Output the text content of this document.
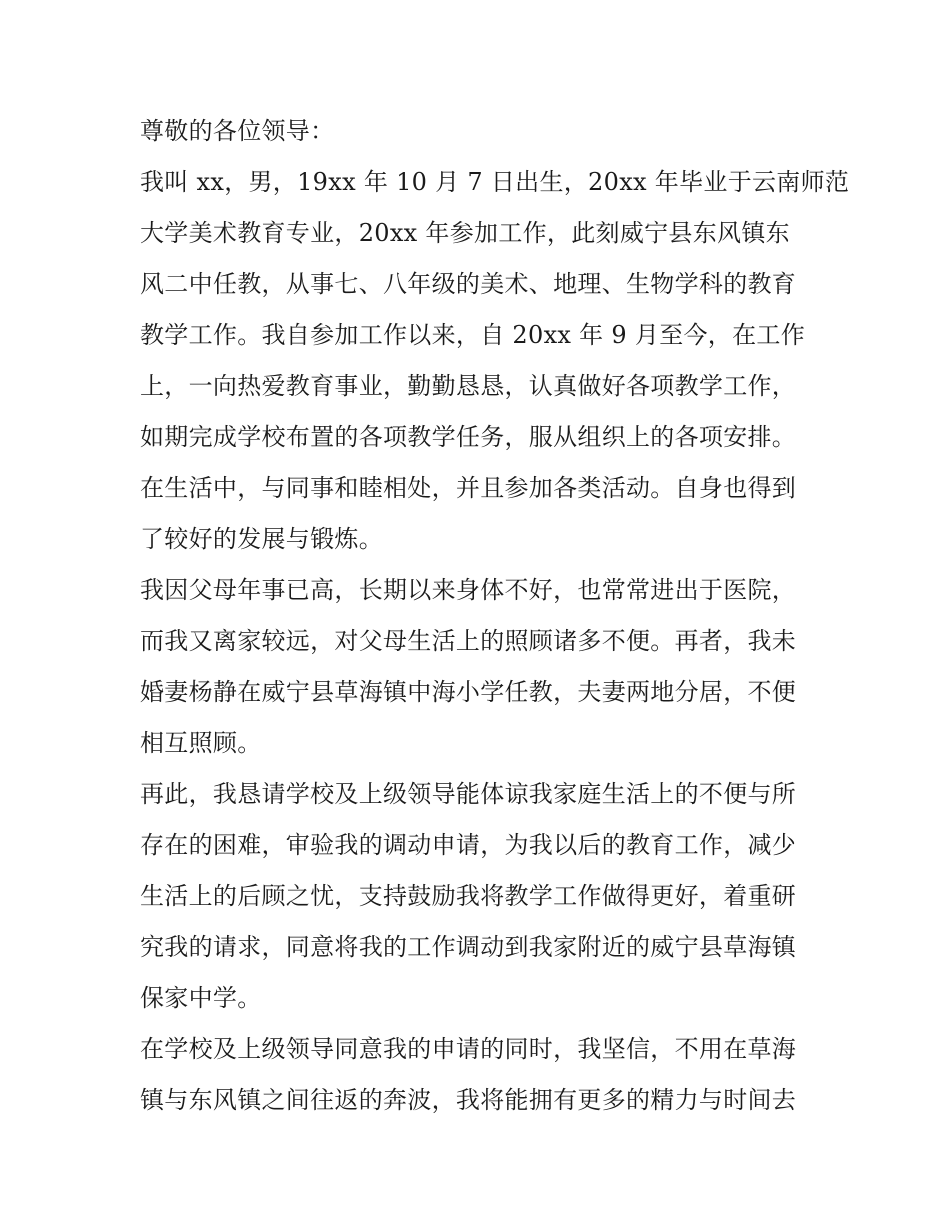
尊敬的各位领导：

我叫 xx，男，19xx 年 10 月 7 日出生，20xx 年毕业于云南师范
大学美术教育专业，20xx 年参加工作，此刻威宁县东风镇东
风二中任教，从事七、八年级的美术、地理、生物学科的教育
教学工作。我自参加工作以来，自 20xx 年 9 月至今，在工作
上，一向热爱教育事业，勤勤恳恳，认真做好各项教学工作，
如期完成学校布置的各项教学任务，服从组织上的各项安排。
在生活中，与同事和睦相处，并且参加各类活动。自身也得到
了较好的发展与锻炼。

我因父母年事已高，长期以来身体不好，也常常进出于医院，
而我又离家较远，对父母生活上的照顾诸多不便。再者，我未
婚妻杨静在威宁县草海镇中海小学任教，夫妻两地分居，不便
相互照顾。

再此，我恳请学校及上级领导能体谅我家庭生活上的不便与所
存在的困难，审验我的调动申请，为我以后的教育工作，减少
生活上的后顾之忧，支持鼓励我将教学工作做得更好，着重研
究我的请求，同意将我的工作调动到我家附近的威宁县草海镇
保家中学。

在学校及上级领导同意我的申请的同时，我坚信，不用在草海
镇与东风镇之间往返的奔波，我将能拥有更多的精力与时间去
